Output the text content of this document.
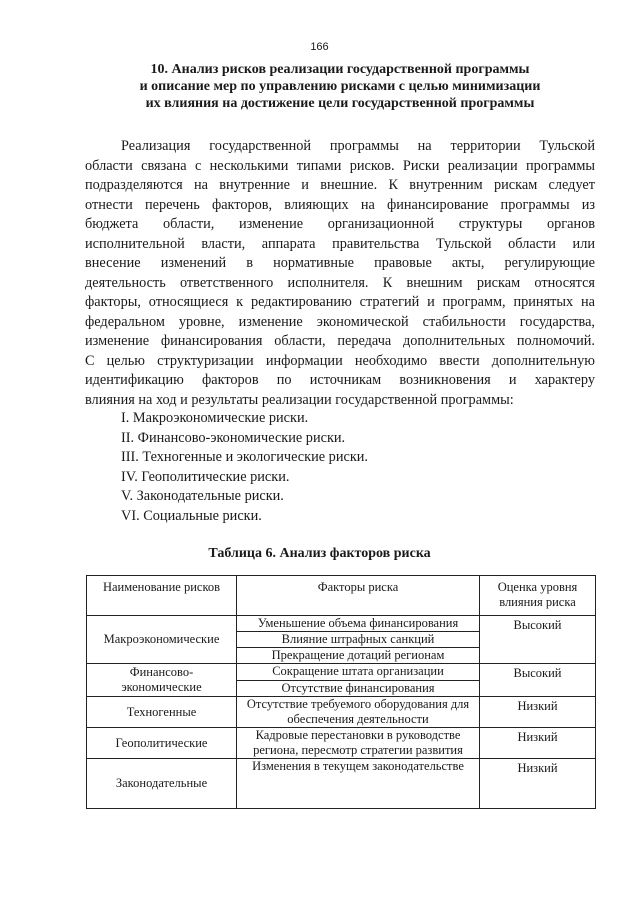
166
10. Анализ рисков реализации государственной программы
и описание мер по управлению рисками с целью минимизации
их влияния на достижение цели государственной программы
Реализация государственной программы на территории Тульской
области связана с несколькими типами рисков. Риски реализации программы
подразделяются на внутренние и внешние. К внутренним рискам следует
отнести перечень факторов, влияющих на финансирование программы из
бюджета области, изменение организационной структуры органов
исполнительной власти, аппарата правительства Тульской области или
внесение изменений в нормативные правовые акты, регулирующие
деятельность ответственного исполнителя. К внешним рискам относятся
факторы, относящиеся к редактированию стратегий и программ, принятых на
федеральном уровне, изменение экономической стабильности государства,
изменение финансирования области, передача дополнительных полномочий.
С целью структуризации информации необходимо ввести дополнительную
идентификацию факторов по источникам возникновения и характеру
влияния на ход и результаты реализации государственной программы:
I. Макроэкономические риски.
II. Финансово-экономические риски.
III. Техногенные и экологические риски.
IV. Геополитические риски.
V. Законодательные риски.
VI. Социальные риски.
Таблица 6. Анализ факторов риска
Наименование рисков	Факторы риска	Оценка уровня влияния риска
Макроэкономические	Уменьшение объема финансирования	Высокий
	Влияние штрафных санкций	
	Прекращение дотаций регионам	
Финансово-экономические	Сокращение штата организации	Высокий
	Отсутствие финансирования	
Техногенные	Отсутствие требуемого оборудования для обеспечения деятельности	Низкий
Геополитические	Кадровые перестановки в руководстве региона, пересмотр стратегии развития	Низкий
Законодательные	Изменения в текущем законодательстве	Низкий
